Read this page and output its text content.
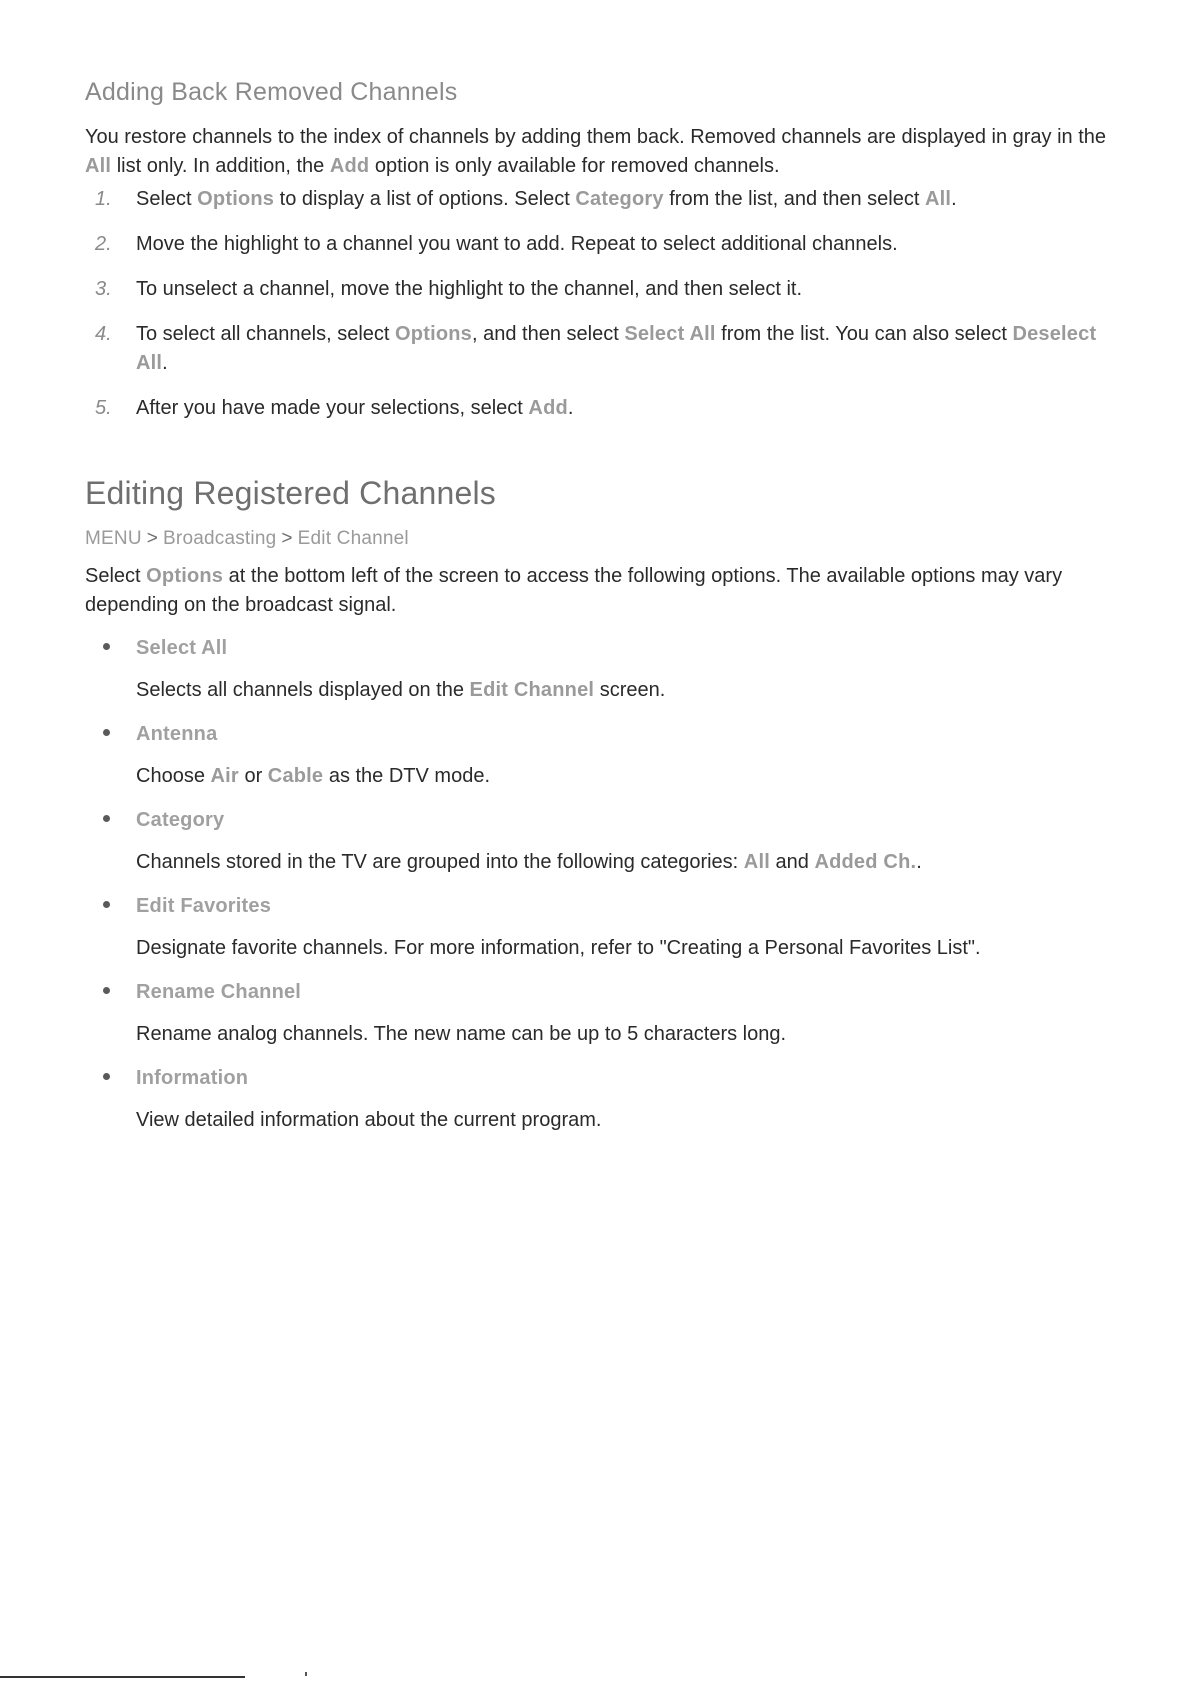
Adding Back Removed Channels

You restore channels to the index of channels by adding them back. Removed channels are displayed in gray in the All list only. In addition, the Add option is only available for removed channels.

1. Select Options to display a list of options. Select Category from the list, and then select All.
2. Move the highlight to a channel you want to add. Repeat to select additional channels.
3. To unselect a channel, move the highlight to the channel, and then select it.
4. To select all channels, select Options, and then select Select All from the list. You can also select Deselect All.
5. After you have made your selections, select Add.
Editing Registered Channels
MENU > Broadcasting > Edit Channel

Select Options at the bottom left of the screen to access the following options. The available options may vary depending on the broadcast signal.

Select All
Selects all channels displayed on the Edit Channel screen.
Antenna
Choose Air or Cable as the DTV mode.
Category
Channels stored in the TV are grouped into the following categories: All and Added Ch..
Edit Favorites
Designate favorite channels. For more information, refer to "Creating a Personal Favorites List".
Rename Channel
Rename analog channels. The new name can be up to 5 characters long.
Information
View detailed information about the current program.
